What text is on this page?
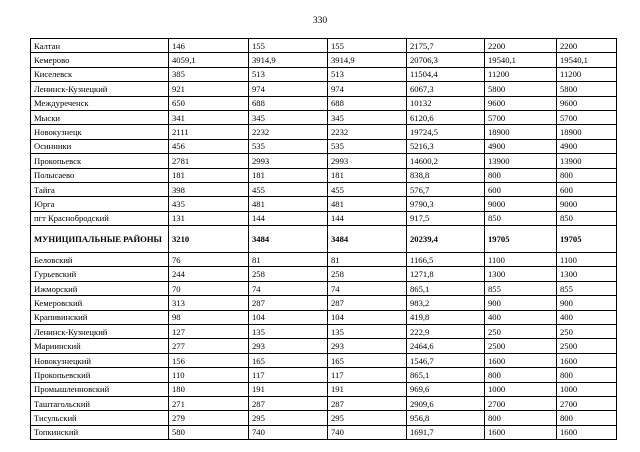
330
Калтан	146	155	155	2175,7	2200	2200
Кемерово	4059,1	3914,9	3914,9	20706,3	19540,1	19540,1
Киселевск	385	513	513	11504,4	11200	11200
Ленинск-Кузнецкий	921	974	974	6067,3	5800	5800
Междуреченск	650	688	688	10132	9600	9600
Мыски	341	345	345	6120,6	5700	5700
Новокузнецк	2111	2232	2232	19724,5	18900	18900
Осинники	456	535	535	5216,3	4900	4900
Прокопьевск	2781	2993	2993	14600,2	13900	13900
Полысаево	181	181	181	838,8	800	800
Тайга	398	455	455	576,7	600	600
Юрга	435	481	481	9790,3	9000	9000
пгт Краснобродский	131	144	144	917,5	850	850
МУНИЦИПАЛЬНЫЕ РАЙОНЫ	3210	3484	3484	20239,4	19705	19705
Беловский	76	81	81	1166,5	1100	1100
Гурьевский	244	258	258	1271,8	1300	1300
Ижморский	70	74	74	865,1	855	855
Кемеровский	313	287	287	983,2	900	900
Крапивинский	98	104	104	419,8	400	400
Ленинск-Кузнецкий	127	135	135	222,9	250	250
Мариинский	277	293	293	2464,6	2500	2500
Новокузнецкий	156	165	165	1546,7	1600	1600
Прокопьевский	110	117	117	865,1	800	800
Промышленновский	180	191	191	969,6	1000	1000
Таштагольский	271	287	287	2909,6	2700	2700
Тисульский	279	295	295	956,8	800	800
Топкинский	580	740	740	1691,7	1600	1600
